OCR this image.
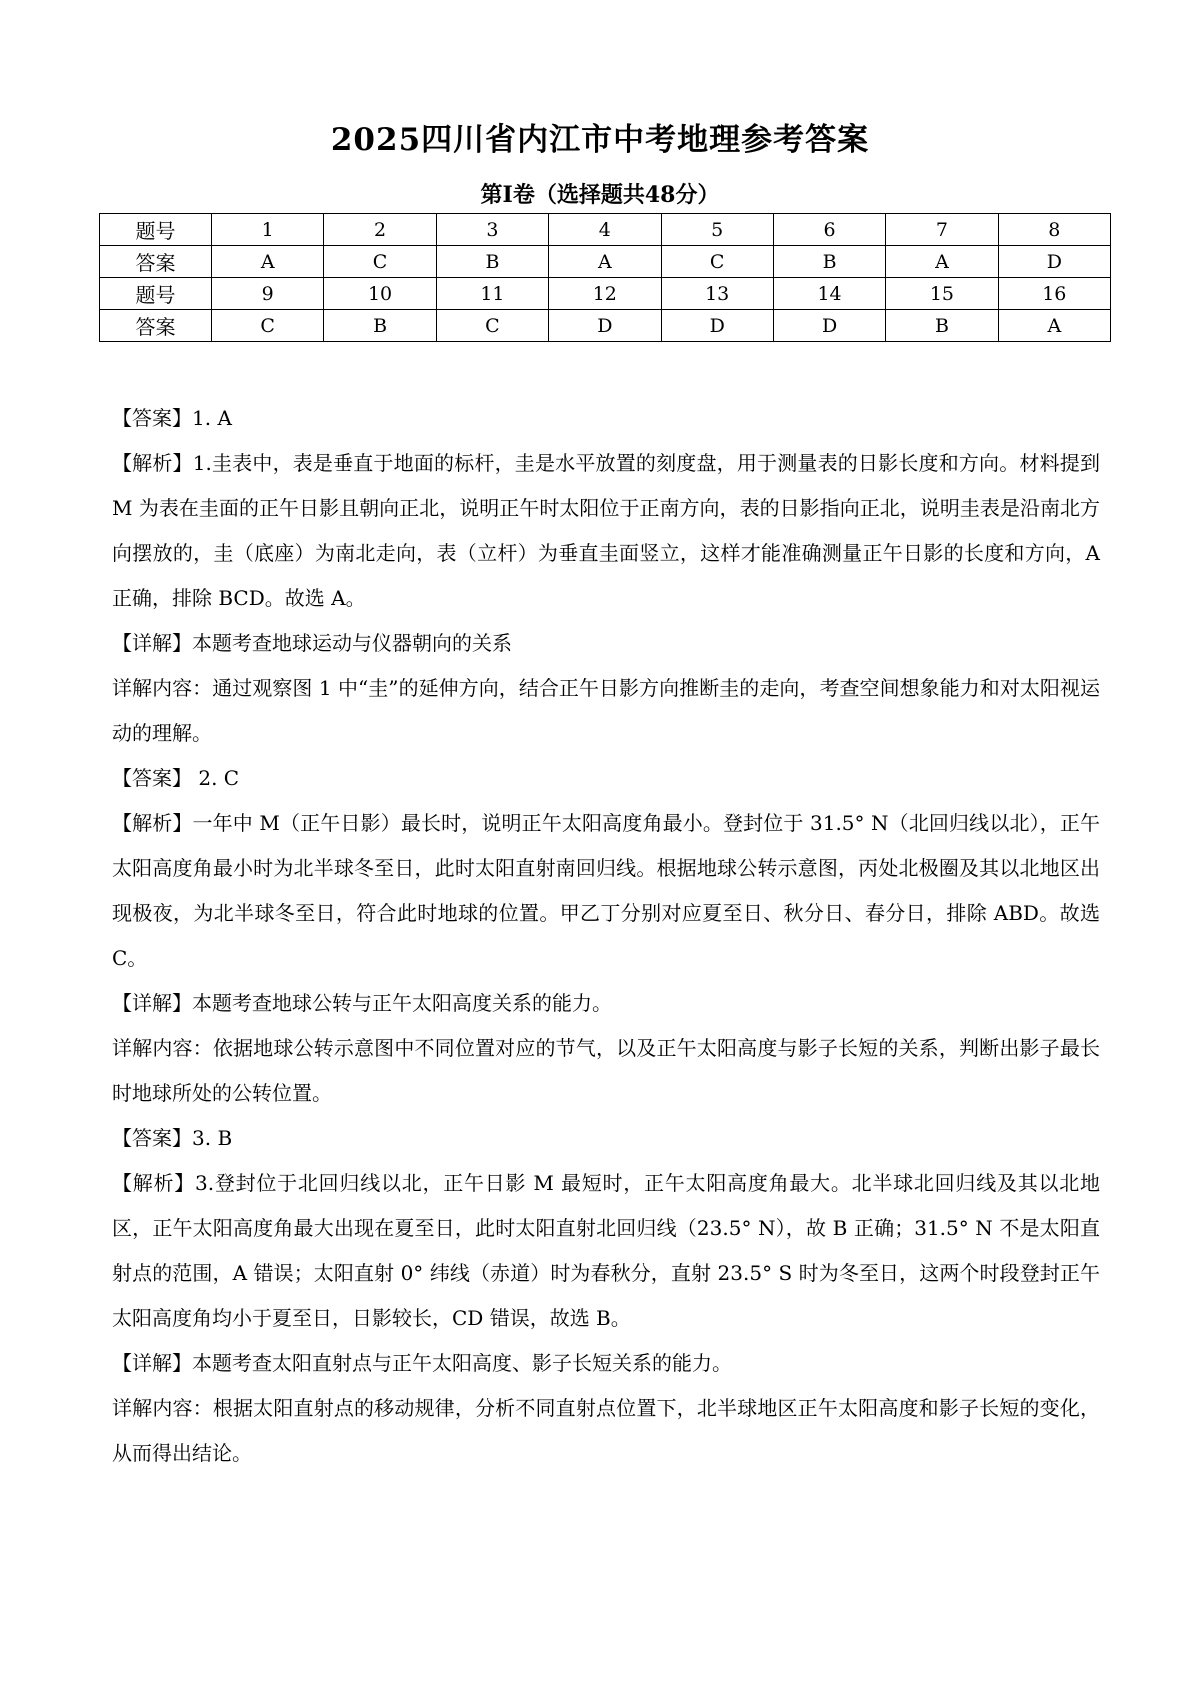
2025四川省内江市中考地理参考答案
第Ⅰ卷（选择题共48分）
题号	1	2	3	4	5	6	7	8
答案	A	C	B	A	C	B	A	D
题号	9	10	11	12	13	14	15	16
答案	C	B	C	D	D	D	B	A

【答案】1. A

【解析】1.圭表中，表是垂直于地面的标杆，圭是水平放置的刻度盘，用于测量表的日影长度和方向。材料提到 M 为表在圭面的正午日影且朝向正北，说明正午时太阳位于正南方向，表的日影指向正北，说明圭表是沿南北方向摆放的，圭（底座）为南北走向，表（立杆）为垂直圭面竖立，这样才能准确测量正午日影的长度和方向，A 正确，排除 BCD。故选 A。

【详解】本题考查地球运动与仪器朝向的关系

详解内容：通过观察图 1 中“圭”的延伸方向，结合正午日影方向推断圭的走向，考查空间想象能力和对太阳视运动的理解。

【答案】 2. C

【解析】一年中 M（正午日影）最长时，说明正午太阳高度角最小。登封位于 31.5° N（北回归线以北），正午太阳高度角最小时为北半球冬至日，此时太阳直射南回归线。根据地球公转示意图，丙处北极圈及其以北地区出现极夜，为北半球冬至日，符合此时地球的位置。甲乙丁分别对应夏至日、秋分日、春分日，排除 ABD。故选 C。

【详解】本题考查地球公转与正午太阳高度关系的能力。

详解内容：依据地球公转示意图中不同位置对应的节气，以及正午太阳高度与影子长短的关系，判断出影子最长时地球所处的公转位置。

【答案】3. B

【解析】3.登封位于北回归线以北，正午日影 M 最短时，正午太阳高度角最大。北半球北回归线及其以北地区，正午太阳高度角最大出现在夏至日，此时太阳直射北回归线（23.5° N），故 B 正确；31.5° N 不是太阳直射点的范围，A 错误；太阳直射 0° 纬线（赤道）时为春秋分，直射 23.5° S 时为冬至日，这两个时段登封正午太阳高度角均小于夏至日，日影较长，CD 错误，故选 B。

【详解】本题考查太阳直射点与正午太阳高度、影子长短关系的能力。

详解内容：根据太阳直射点的移动规律，分析不同直射点位置下，北半球地区正午太阳高度和影子长短的变化，从而得出结论。
